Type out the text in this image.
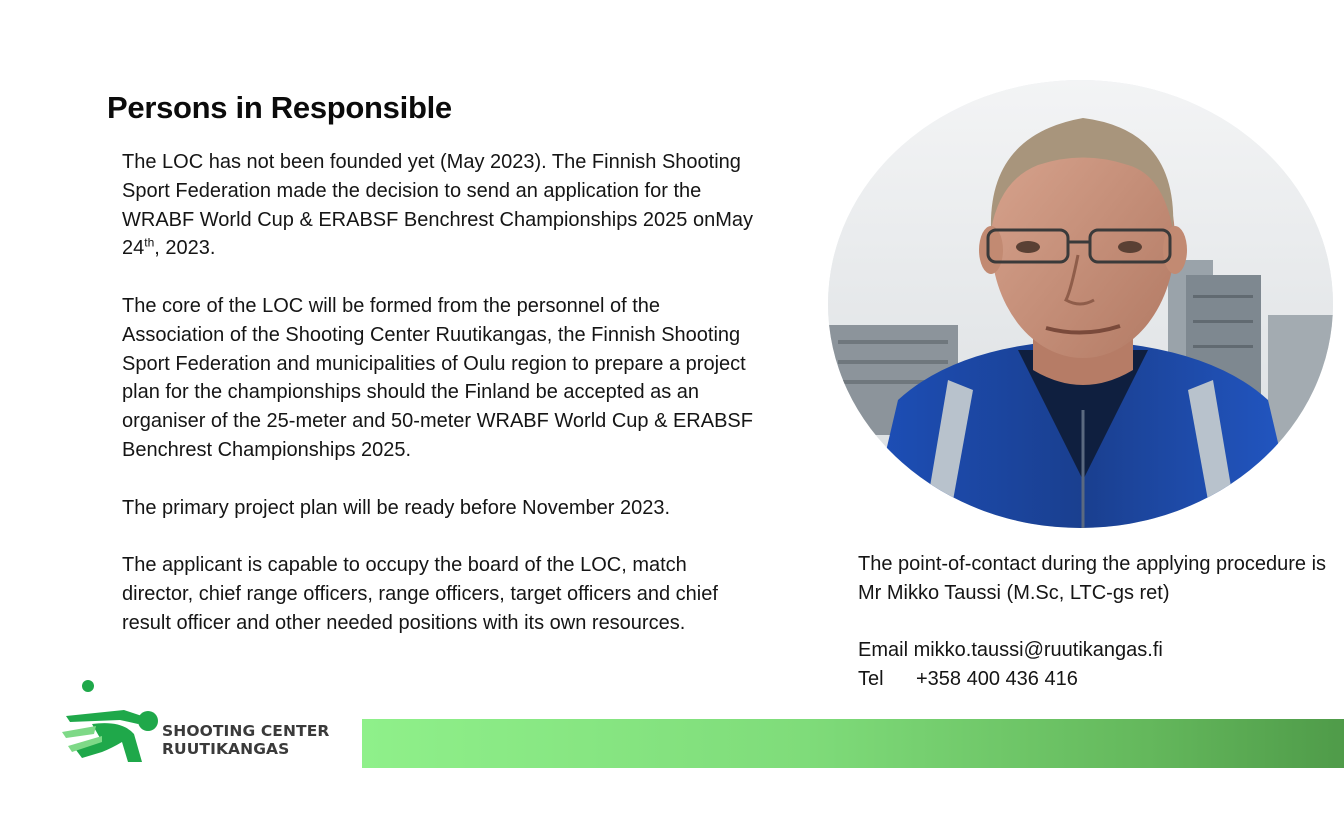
Persons in Responsible

The LOC has not been founded yet (May 2023). The Finnish Shooting Sport Federation made the decision to send an application for the WRABF World Cup & ERABSF Benchrest Championships 2025 onMay 24th, 2023.

The core of the LOC will be formed from the personnel of the Association of the Shooting Center Ruutikangas, the Finnish Shooting Sport Federation and municipalities of Oulu region to prepare a project plan for the championships should the Finland be accepted as an organiser of the 25-meter and 50-meter WRABF World Cup & ERABSF Benchrest Championships 2025.

The primary project plan will be ready before November 2023.

The applicant is capable to occupy the board of the LOC, match director, chief range officers, range officers, target officers and chief result officer and other needed positions with its own resources.

The point-of-contact during the applying procedure is Mr Mikko Taussi (M.Sc, LTC-gs ret)

Email mikko.taussi@ruutikangas.fi
Tel +358 400 436 416
SHOOTING CENTER
RUUTIKANGAS
